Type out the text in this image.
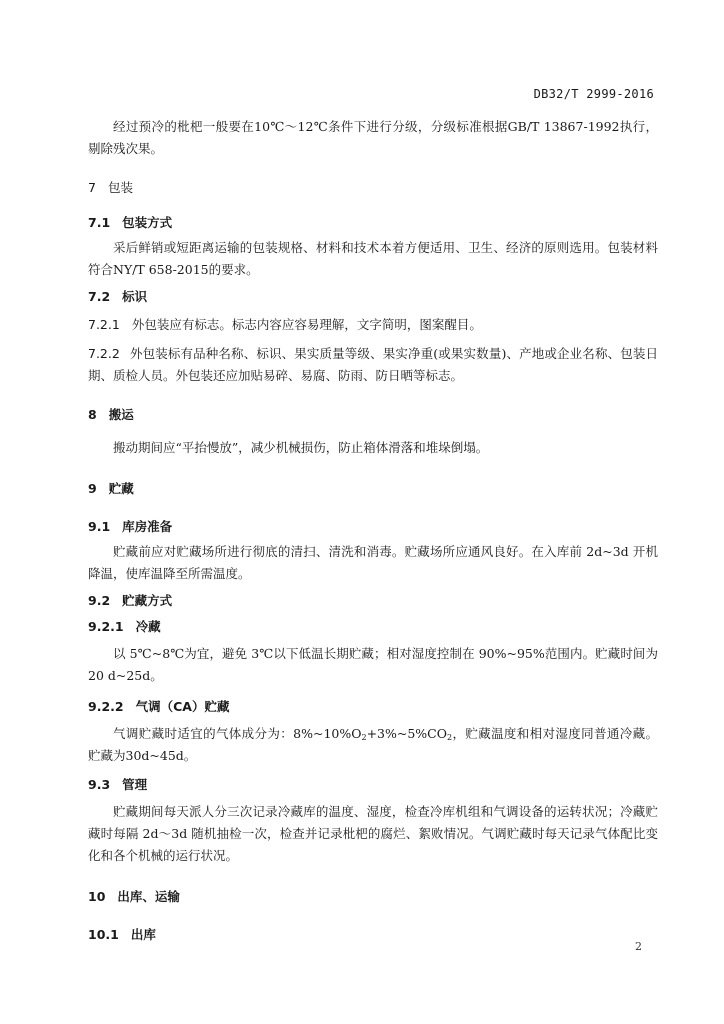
DB32/T 2999-2016

经过预冷的枇杷一般要在10℃～12℃条件下进行分级，分级标准根据GB/T 13867-1992执行，剔除残次果。

7 包装
7.1 包装方式

采后鲜销或短距离运输的包装规格、材料和技术本着方便适用、卫生、经济的原则选用。包装材料符合NY/T 658-2015的要求。

7.2 标识
7.2.1 外包装应有标志。标志内容应容易理解，文字简明，图案醒目。

7.2.2 外包装标有品种名称、标识、果实质量等级、果实净重(或果实数量)、产地或企业名称、包装日期、质检人员。外包装还应加贴易碎、易腐、防雨、防日晒等标志。

8 搬运

搬动期间应“平抬慢放”，减少机械损伤，防止箱体滑落和堆垛倒塌。

9 贮藏
9.1 库房准备

贮藏前应对贮藏场所进行彻底的清扫、清洗和消毒。贮藏场所应通风良好。在入库前 2d~3d 开机降温，使库温降至所需温度。

9.2 贮藏方式
9.2.1 冷藏

以 5℃~8℃为宜，避免 3℃以下低温长期贮藏；相对湿度控制在 90%~95%范围内。贮藏时间为20 d~25d。

9.2.2 气调（CA）贮藏

气调贮藏时适宜的气体成分为：$8\%\sim 10\%O_2+3\%\sim 5\%CO_2$，贮藏温度和相对湿度同普通冷藏。贮藏为30d~45d。

9.3 管理

贮藏期间每天派人分三次记录冷藏库的温度、湿度，检查冷库机组和气调设备的运转状况；冷藏贮藏时每隔 2d～3d 随机抽检一次，检查并记录枇杷的腐烂、絮败情况。气调贮藏时每天记录气体配比变化和各个机械的运行状况。

10 出库、运输
10.1 出库
2
